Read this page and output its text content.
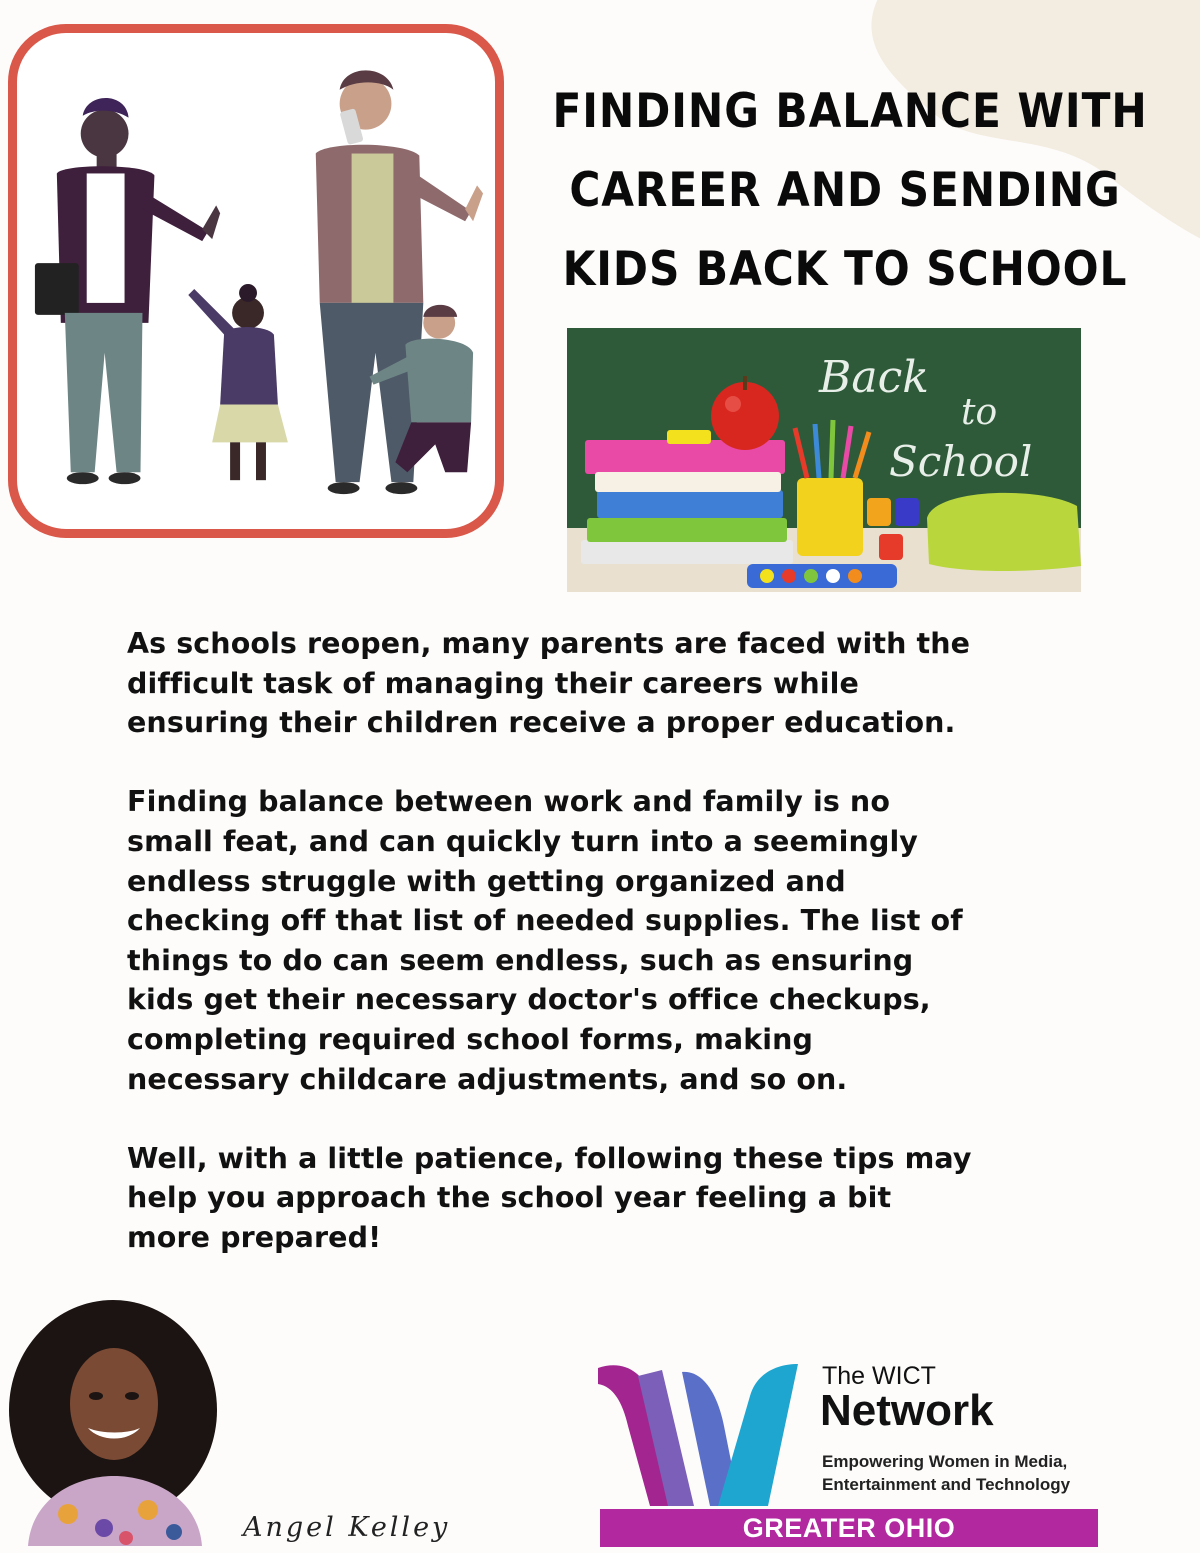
FINDING BALANCE WITH
CAREER AND SENDING
KIDS BACK TO SCHOOL
Back
to
School

As schools reopen, many parents are faced with the
difficult task of managing their careers while
ensuring their children receive a proper education.

Finding balance between work and family is no
small feat, and can quickly turn into a seemingly
endless struggle with getting organized and
checking off that list of needed supplies. The list of
things to do can seem endless, such as ensuring
kids get their necessary doctor's office checkups,
completing required school forms, making
necessary childcare adjustments, and so on.

Well, with a little patience, following these tips may
help you approach the school year feeling a bit
more prepared!

Angel Kelley
The WICT
Network
Empowering Women in Media,
Entertainment and Technology
GREATER OHIO
